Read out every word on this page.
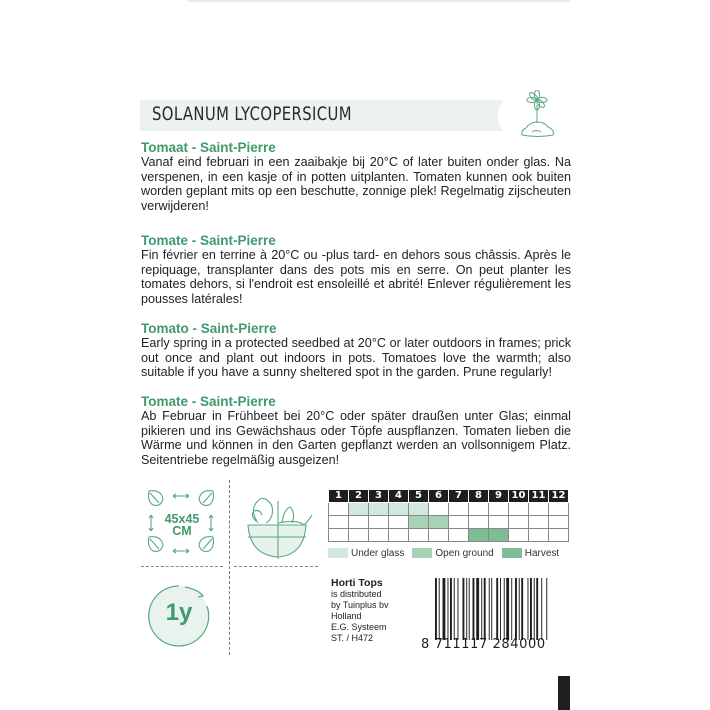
SOLANUM LYCOPERSICUM

Tomaat - Saint-Pierre

Vanaf eind februari in een zaaibakje bij 20°C of later buiten onder glas. Na verspenen, in een kasje of in potten uitplanten. Tomaten kunnen ook buiten worden geplant mits op een beschutte, zonnige plek! Regelmatig zijscheuten verwijderen!

Tomate - Saint-Pierre

Fin février en terrine à 20°C ou -plus tard- en dehors sous châssis. Après le repiquage, transplanter dans des pots mis en serre. On peut planter les tomates dehors, si l'endroit est ensoleillé et abrité! Enlever régulièrement les pousses latérales!

Tomato - Saint-Pierre

Early spring in a protected seedbed at 20°C or later outdoors in frames; prick out once and plant out indoors in pots. Tomatoes love the warmth; also suitable if you have a sunny sheltered spot in the garden. Prune regularly!

Tomate - Saint-Pierre

Ab Februar in Frühbeet bei 20°C oder später draußen unter Glas; einmal pikieren und ins Gewächshaus oder Töpfe auspflanzen. Tomaten lieben die Wärme und können in den Garten gepflanzt werden an vollsonnigem Platz. Seitentriebe regelmäßig ausgeizen!

45x45
CM
1y
1	2	3	4	5	6	7	8	9	10	11	12

Under glass	Open ground	Harvest
Horti Tops
is distributed
by Tuinplus bv
Holland
E.G. Systeem
ST. / H472	8 711117 284000
